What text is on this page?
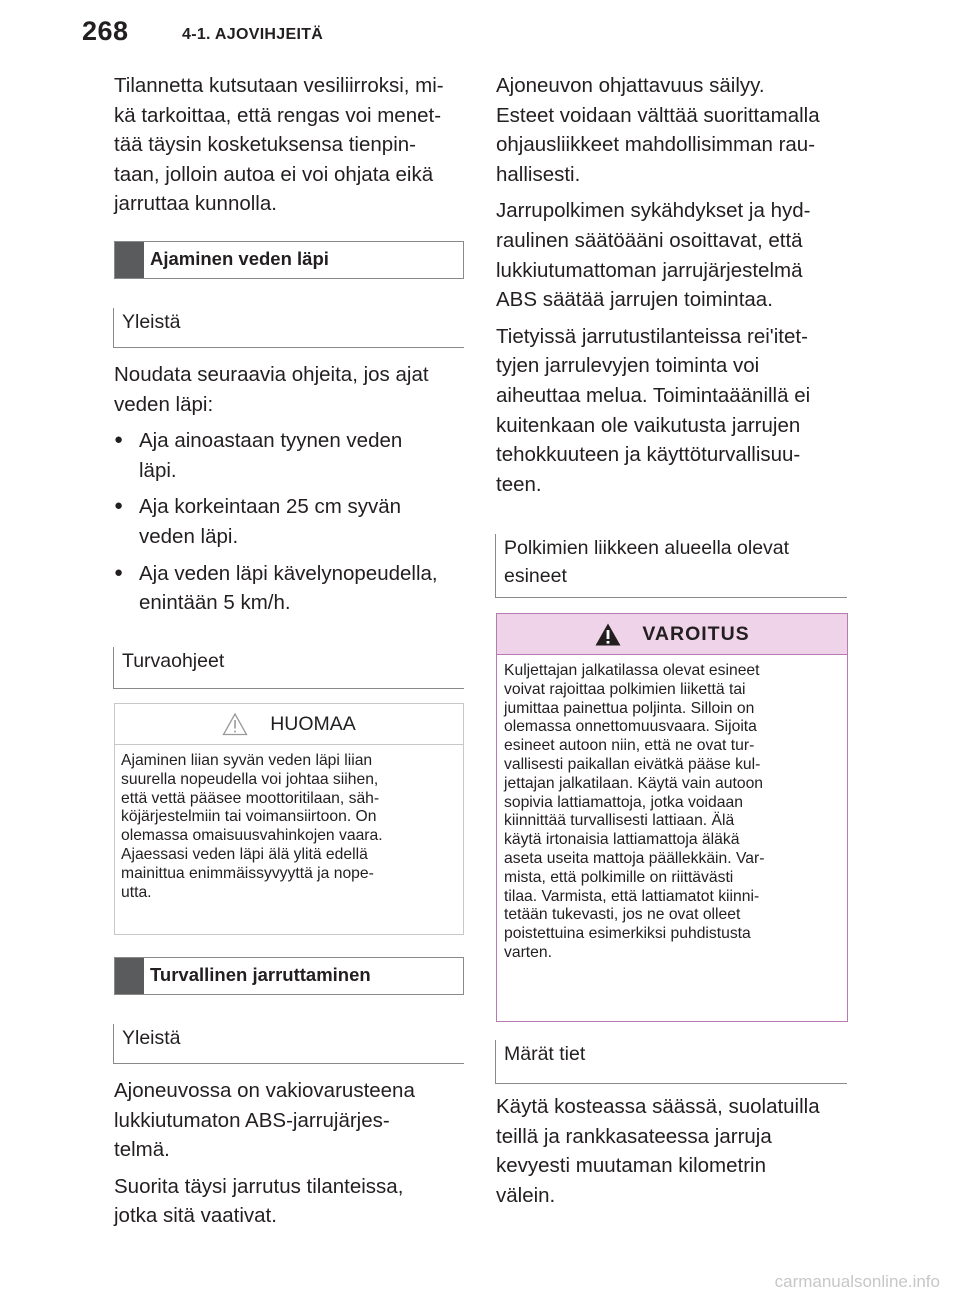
268	4-1. AJOVIHJEITÄ

Tilannetta kutsutaan vesiliirroksi, mi-

kä tarkoittaa, että rengas voi menet-

tää täysin kosketuksensa tienpin-

taan, jolloin autoa ei voi ohjata eikä

jarruttaa kunnolla.

Ajaminen veden läpi
Yleistä

Noudata seuraavia ohjeita, jos ajat

veden läpi:

● Aja ainoastaan tyynen veden

läpi.

● Aja korkeintaan 25 cm syvän

veden läpi.

● Aja veden läpi kävelynopeudella,

enintään 5 km/h.

Turvaohjeet
HUOMAA
Ajaminen liian syvän veden läpi liian
suurella nopeudella voi johtaa siihen,
että vettä pääsee moottoritilaan, säh-
köjärjestelmiin tai voimansiirtoon. On
olemassa omaisuusvahinkojen vaara.
Ajaessasi veden läpi älä ylitä edellä
mainittua enimmäissyvyyttä ja nope-
utta.
Turvallinen jarruttaminen
Yleistä

Ajoneuvossa on vakiovarusteena

lukkiutumaton ABS-jarrujärjes-

telmä.

Suorita täysi jarrutus tilanteissa,

jotka sitä vaativat.

Ajoneuvon ohjattavuus säilyy.

Esteet voidaan välttää suorittamalla

ohjausliikkeet mahdollisimman rau-

hallisesti.

Jarrupolkimen sykähdykset ja hyd-

raulinen säätöääni osoittavat, että

lukkiutumattoman jarrujärjestelmä

ABS säätää jarrujen toimintaa.

Tietyissä jarrutustilanteissa rei'itet-

tyjen jarrulevyjen toiminta voi

aiheuttaa melua. Toimintaäänillä ei

kuitenkaan ole vaikutusta jarrujen

tehokkuuteen ja käyttöturvallisuu-

teen.

Polkimien liikkeen alueella olevat
esineet
VAROITUS
Kuljettajan jalkatilassa olevat esineet
voivat rajoittaa polkimien liikettä tai
jumittaa painettua poljinta. Silloin on
olemassa onnettomuusvaara. Sijoita
esineet autoon niin, että ne ovat tur-
vallisesti paikallan eivätkä pääse kul-
jettajan jalkatilaan. Käytä vain autoon
sopivia lattiamattoja, jotka voidaan
kiinnittää turvallisesti lattiaan. Älä
käytä irtonaisia lattiamattoja äläkä
aseta useita mattoja päällekkäin. Var-
mista, että polkimille on riittävästi
tilaa. Varmista, että lattiamatot kiinni-
tetään tukevasti, jos ne ovat olleet
poistettuina esimerkiksi puhdistusta
varten.
Märät tiet

Käytä kosteassa säässä, suolatuilla

teillä ja rankkasateessa jarruja

kevyesti muutaman kilometrin

välein.

carmanualsonline.info
